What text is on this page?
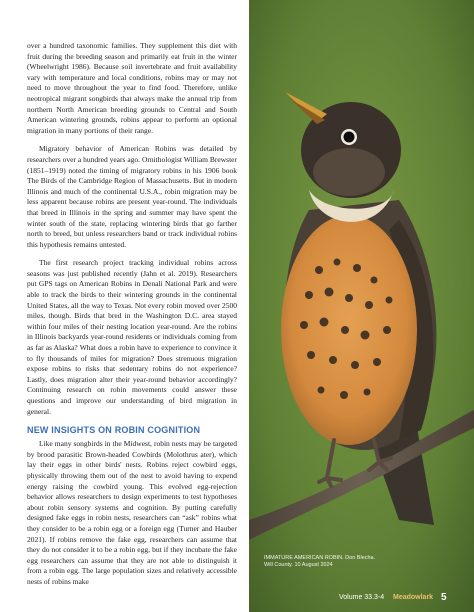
over a hundred taxonomic families. They supplement this diet with fruit during the breeding season and primarily eat fruit in the winter (Wheelwright 1986). Because soil invertebrate and fruit availability vary with temperature and local conditions, robins may or may not need to move throughout the year to find food. Therefore, unlike neotropical migrant songbirds that always make the annual trip from northern North American breeding grounds to Central and South American wintering grounds, robins appear to perform an optional migration in many portions of their range.

Migratory behavior of American Robins was detailed by researchers over a hundred years ago. Ornithologist William Brewster (1851–1919) noted the timing of migratory robins in his 1906 book The Birds of the Cambridge Region of Massachusetts. But in modern Illinois and much of the continental U.S.A., robin migration may be less apparent because robins are present year-round. The individuals that breed in Illinois in the spring and summer may have spent the winter south of the state, replacing wintering birds that go farther north to breed, but unless researchers band or track individual robins this hypothesis remains untested.

The first research project tracking individual robins across seasons was just published recently (Jahn et al. 2019). Researchers put GPS tags on American Robins in Denali National Park and were able to track the birds to their wintering grounds in the continental United States, all the way to Texas. Not every robin moved over 2500 miles, though. Birds that bred in the Washington D.C. area stayed within four miles of their nesting location year-round. Are the robins in Illinois backyards year-round residents or individuals coming from as far as Alaska? What does a robin have to experience to convince it to fly thousands of miles for migration? Does strenuous migration expose robins to risks that sedentary robins do not experience? Lastly, does migration alter their year-round behavior accordingly? Continuing research on robin movements could answer these questions and improve our understanding of bird migration in general.

NEW INSIGHTS ON ROBIN COGNITION

Like many songbirds in the Midwest, robin nests may be targeted by brood parasitic Brown-headed Cowbirds (Molothrus ater), which lay their eggs in other birds' nests. Robins reject cowbird eggs, physically throwing them out of the nest to avoid having to expend energy raising the cowbird young. This evolved egg-rejection behavior allows researchers to design experiments to test hypotheses about robin sensory systems and cognition. By putting carefully designed fake eggs in robin nests, researchers can “ask” robins what they consider to be a robin egg or a foreign egg (Turner and Hauber 2021). If robins remove the fake egg, researchers can assume that they do not consider it to be a robin egg, but if they incubate the fake egg researchers can assume that they are not able to distinguish it from a robin egg. The large population sizes and relatively accessible nests of robins make

IMMATURE AMERICAN ROBIN. Don Blecha.
Will County. 10 August 2024
Volume 33.3-4 Meadowlark 5
